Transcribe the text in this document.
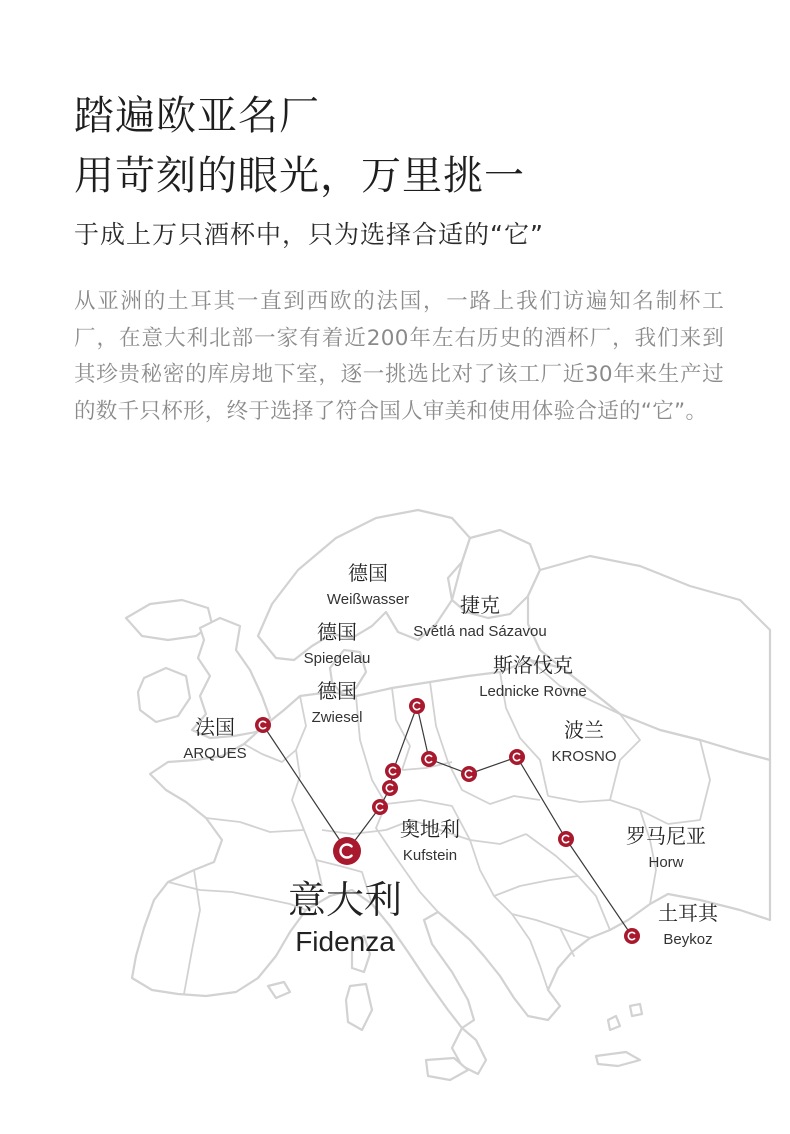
踏遍欧亚名厂
用苛刻的眼光，万里挑一
于成上万只酒杯中，只为选择合适的“它”

从亚洲的土耳其一直到西欧的法国，一路上我们访遍知名制杯工厂，在意大利北部一家有着近200年左右历史的酒杯厂，我们来到其珍贵秘密的库房地下室，逐一挑选比对了该工厂近30年来生产过的数千只杯形，终于选择了符合国人审美和使用体验合适的“它”。

德国
Weißwasser	捷克
Světlá nad Sázavou
德国
Spiegelau	斯洛伐克
Lednicke Rovne
德国
Zwiesel
法国
ARQUES
波兰
KROSNO
奥地利
Kufstein
罗马尼亚
Horw
意大利
Fidenza
土耳其
Beykoz
